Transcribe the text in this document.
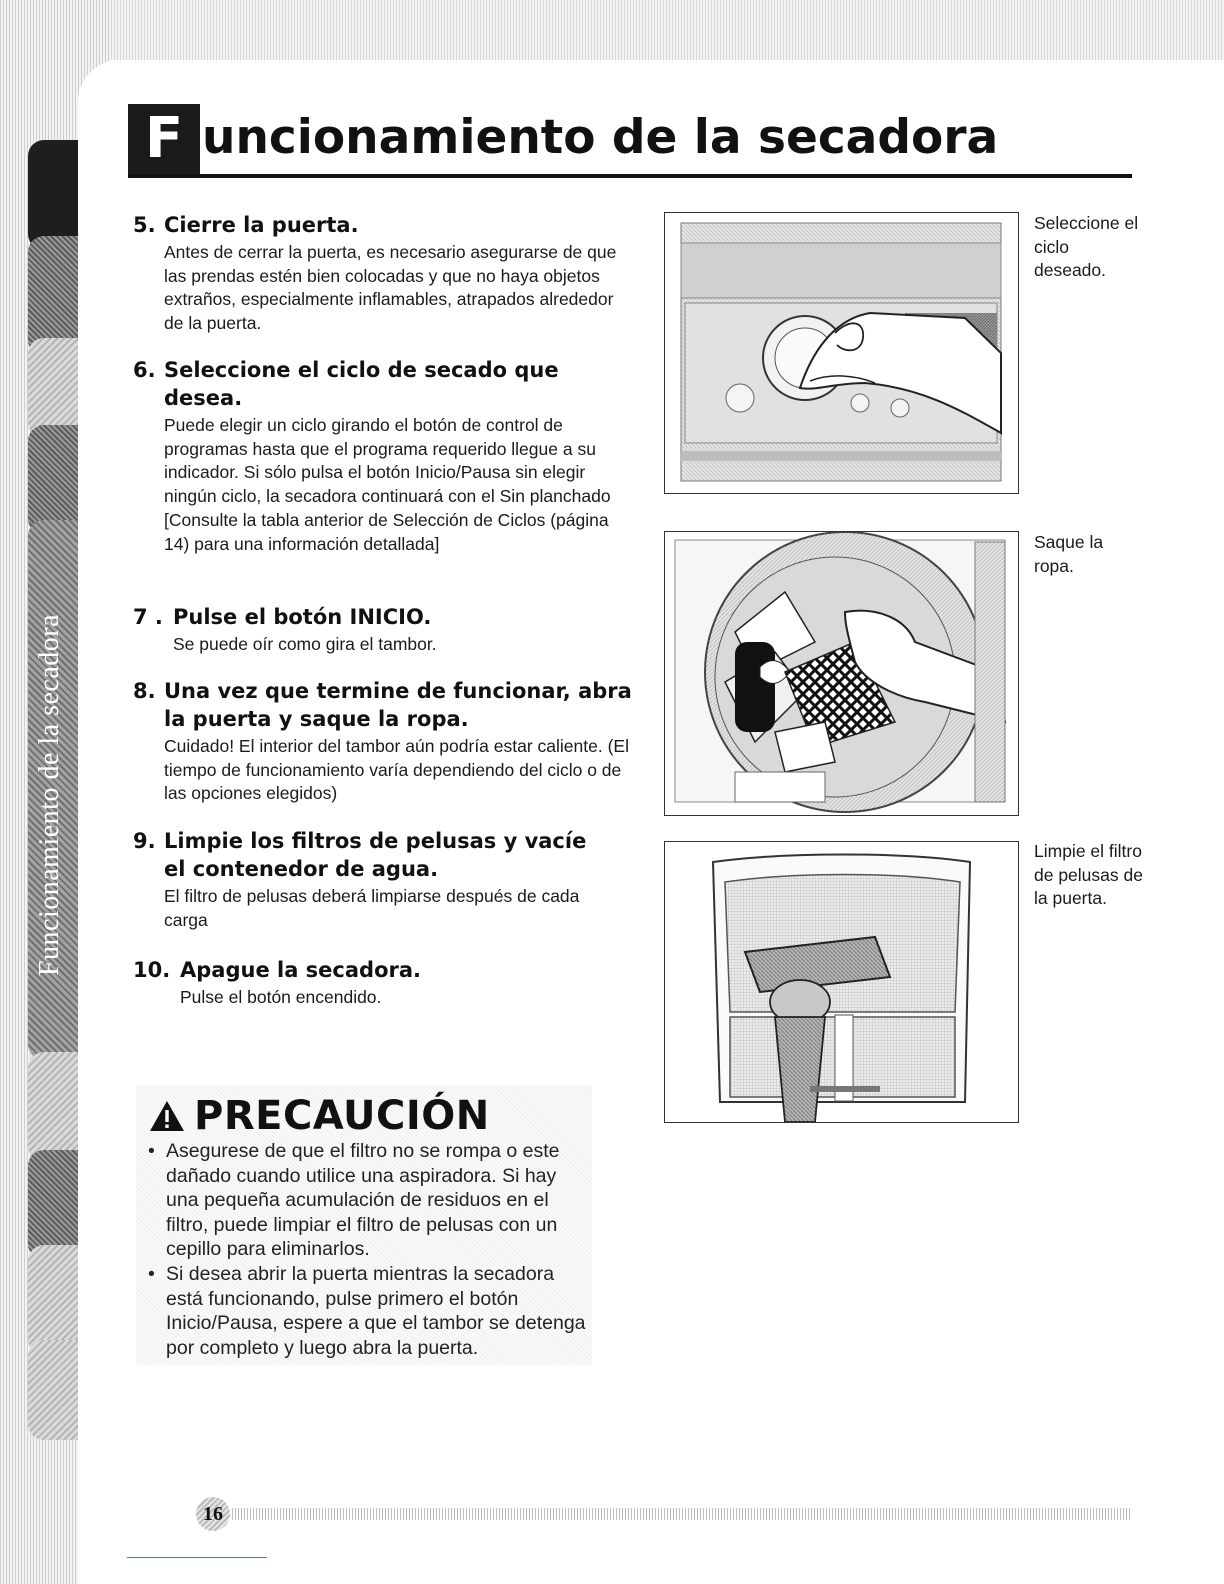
Funcionamiento de la secadora
F uncionamiento de la secadora
5. Cierre la puerta.

Antes de cerrar la puerta, es necesario asegurarse de que las prendas estén bien colocadas y que no haya objetos extraños, especialmente inflamables, atrapados alrededor de la puerta.

6. Seleccione el ciclo de secado que desea.

Puede elegir un ciclo girando el botón de control de programas hasta que el programa requerido llegue a su indicador. Si sólo pulsa el botón Inicio/Pausa sin elegir ningún ciclo, la secadora continuará con el Sin planchado

[Consulte la tabla anterior de Selección de Ciclos (página 14) para una información detallada]

7 . Pulse el botón INICIO.

Se puede oír como gira el tambor.

8. Una vez que termine de funcionar, abra la puerta y saque la ropa.

Cuidado! El interior del tambor aún podría estar caliente. (El tiempo de funcionamiento varía dependiendo del ciclo o de las opciones elegidos)

9. Limpie los filtros de pelusas y vacíe el contenedor de agua.

El filtro de pelusas deberá limpiarse después de cada carga

10. Apague la secadora.

Pulse el botón encendido.

Seleccione el ciclo deseado.
Saque la ropa.
Limpie el filtro de pelusas de la puerta.
PRECAUCIÓN
• Asegurese de que el filtro no se rompa o este dañado cuando utilice una aspiradora. Si hay una pequeña acumulación de residuos en el filtro, puede limpiar el filtro de pelusas con un cepillo para eliminarlos.
• Si desea abrir la puerta mientras la secadora está funcionando, pulse primero el botón Inicio/Pausa, espere a que el tambor se detenga por completo y luego abra la puerta.
16
